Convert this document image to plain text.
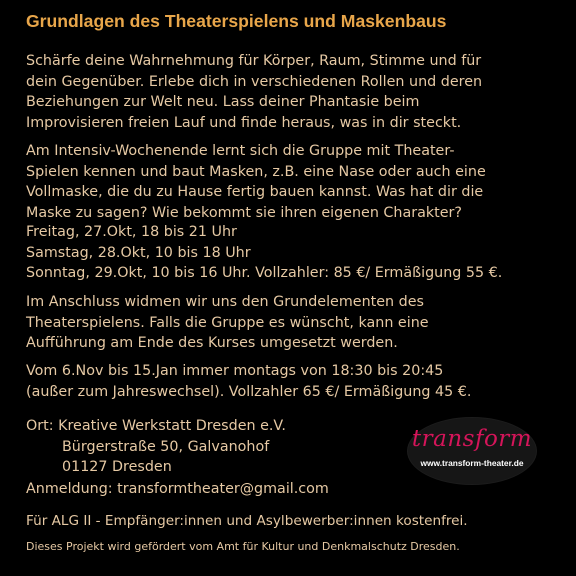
Grundlagen des Theaterspielens und Maskenbaus
Schärfe deine Wahrnehmung für Körper, Raum, Stimme und für
dein Gegenüber. Erlebe dich in verschiedenen Rollen und deren
Beziehungen zur Welt neu. Lass deiner Phantasie beim
Improvisieren freien Lauf und finde heraus, was in dir steckt.
Am Intensiv-Wochenende lernt sich die Gruppe mit Theater-
Spielen kennen und baut Masken, z.B. eine Nase oder auch eine
Vollmaske, die du zu Hause fertig bauen kannst. Was hat dir die
Maske zu sagen? Wie bekommt sie ihren eigenen Charakter?
Freitag, 27.Okt, 18 bis 21 Uhr
Samstag, 28.Okt, 10 bis 18 Uhr
Sonntag, 29.Okt, 10 bis 16 Uhr. Vollzahler: 85 €/ Ermäßigung 55 €.
Im Anschluss widmen wir uns den Grundelementen des
Theaterspielens. Falls die Gruppe es wünscht, kann eine
Aufführung am Ende des Kurses umgesetzt werden.
Vom 6.Nov bis 15.Jan immer montags von 18:30 bis 20:45
(außer zum Jahreswechsel). Vollzahler 65 €/ Ermäßigung 45 €.
Ort: Kreative Werkstatt Dresden e.V.
Bürgerstraße 50, Galvanohof
01127 Dresden
Anmeldung: transformtheater@gmail.com
Für ALG II - Empfänger:innen und Asylbewerber:innen kostenfrei.
Dieses Projekt wird gefördert vom Amt für Kultur und Denkmalschutz Dresden.
transform
www.transform-theater.de
